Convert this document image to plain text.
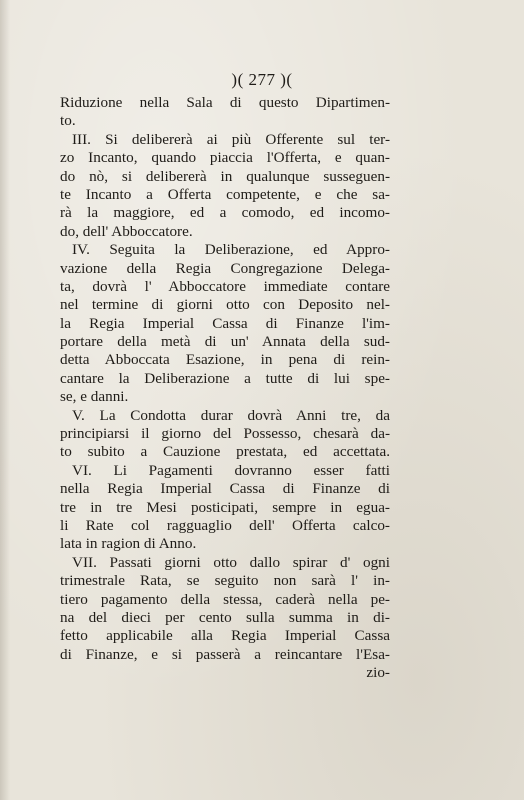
)( 277 )(
Riduzione nella Sala di questo Dipartimen-
to.
III. Si delibererà ai più Offerente sul ter-
zo Incanto, quando piaccia l'Offerta, e quan-
do nò, si delibererà in qualunque susseguen-
te Incanto a Offerta competente, e che sa-
rà la maggiore, ed a comodo, ed incomo-
do, dell' Abboccatore.
IV. Seguita la Deliberazione, ed Appro-
vazione della Regia Congregazione Delega-
ta, dovrà l' Abboccatore immediate contare
nel termine di giorni otto con Deposito nel-
la Regia Imperial Cassa di Finanze l'im-
portare della metà di un' Annata della sud-
detta Abboccata Esazione, in pena di rein-
cantare la Deliberazione a tutte di lui spe-
se, e danni.
V. La Condotta durar dovrà Anni tre, da
principiarsi il giorno del Possesso, chesarà da-
to subito a Cauzione prestata, ed accettata.
VI. Li Pagamenti dovranno esser fatti
nella Regia Imperial Cassa di Finanze di
tre in tre Mesi posticipati, sempre in egua-
li Rate col ragguaglio dell' Offerta calco-
lata in ragion di Anno.
VII. Passati giorni otto dallo spirar d' ogni
trimestrale Rata, se seguito non sarà l' in-
tiero pagamento della stessa, caderà nella pe-
na del dieci per cento sulla summa in di-
fetto applicabile alla Regia Imperial Cassa
di Finanze, e si passerà a reincantare l'Esa-
zio-
